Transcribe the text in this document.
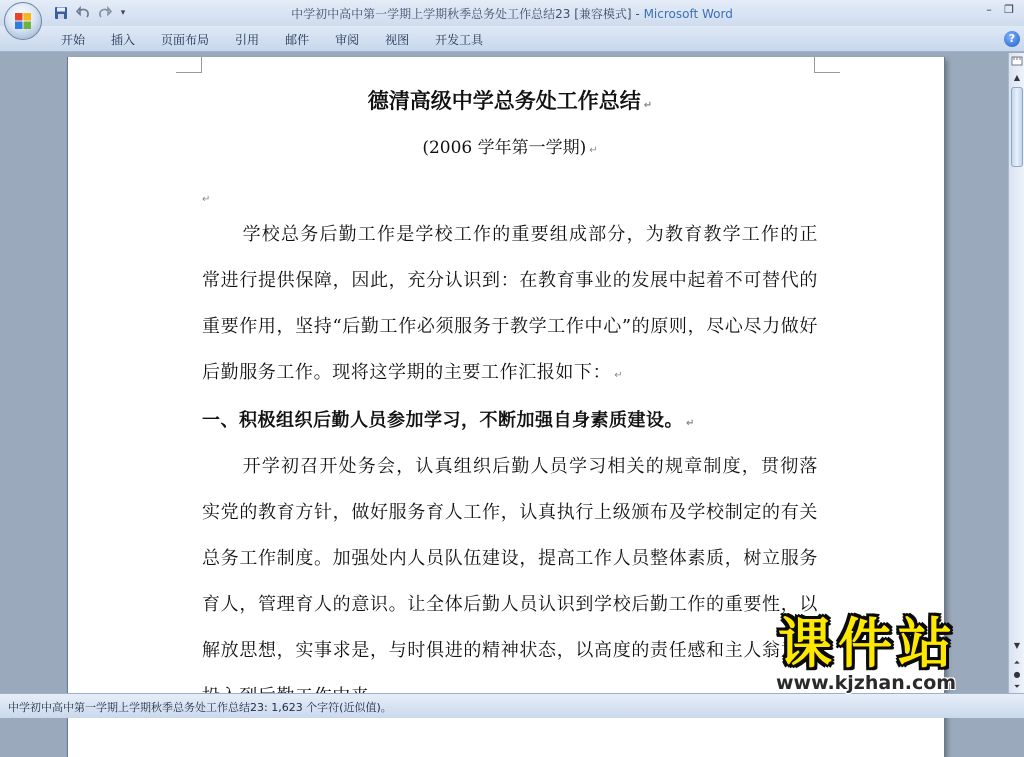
▾	中学初中高中第一学期上学期秋季总务处工作总结23 [兼容模式] - Microsoft Word	–	❐
开始	插入	页面布局	引用	邮件	审阅	视图	开发工具	?
德清高级中学总务处工作总结 ↵
(2006 学年第一学期) ↵
↵
学校总务后勤工作是学校工作的重要组成部分，为教育教学工作的正常进行提供保障，因此，充分认识到：在教育事业的发展中起着不可替代的重要作用，坚持“后勤工作必须服务于教学工作中心”的原则，尽心尽力做好后勤服务工作。现将这学期的主要工作汇报如下： ↵
一、积极组织后勤人员参加学习，不断加强自身素质建设。 ↵
开学初召开处务会，认真组织后勤人员学习相关的规章制度，贯彻落实党的教育方针，做好服务育人工作，认真执行上级颁布及学校制定的有关总务工作制度。加强处内人员队伍建设，提高工作人员整体素质，树立服务育人，管理育人的意识。让全体后勤人员认识到学校后勤工作的重要性，以解放思想，实事求是，与时俱进的精神状态，以高度的责任感和主人翁意识
▲
▼
⏶
●
⏷
中学初中高中第一学期上学期秋季总务处工作总结23: 1,623 个字符(近似值)。
课件站
www.kjzhan.com
